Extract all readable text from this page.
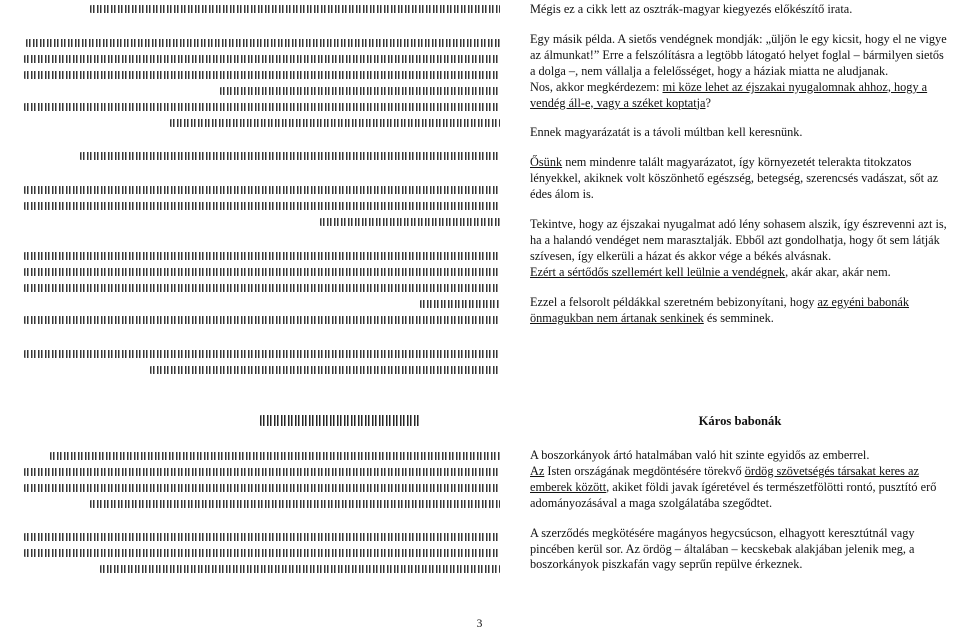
Mégis ez a cikk lett az osztrák-magyar kiegyezés előkészítő irata.

Egy másik példa. A sietős vendégnek mondják: „üljön le egy kicsit, hogy el ne vigye az álmunkat!” Erre a felszólításra a legtöbb látogató helyet foglal – bármilyen sietős a dolga –, nem vállalja a felelősséget, hogy a háziak miatta ne aludjanak.

Nos, akkor megkérdezem: mi köze lehet az éjszakai nyugalomnak ahhoz, hogy a vendég áll-e, vagy a széket koptatja?

Ennek magyarázatát is a távoli múltban kell keresnünk.

Ősünk nem mindenre talált magyarázatot, így környezetét telerakta titokzatos lényekkel, akiknek volt köszönhető egészség, betegség, szerencsés vadászat, sőt az édes álom is.

Tekintve, hogy az éjszakai nyugalmat adó lény sohasem alszik, így észrevenni azt is, ha a halandó vendéget nem marasztalják. Ebből azt gondolhatja, hogy őt sem látják szívesen, így elkerüli a házat és akkor vége a békés alvásnak.

Ezért a sértődős szellemért kell leülnie a vendégnek, akár akar, akár nem.

Ezzel a felsorolt példákkal szeretném bebizonyítani, hogy az egyéni babonák önmagukban nem ártanak senkinek és semminek.

Káros babonák

A boszorkányok ártó hatalmában való hit szinte egyidős az emberrel.

Az Isten országának megdöntésére törekvő ördög szövetségés társakat keres az emberek között, akiket földi javak ígéretével és természetfölötti rontó, pusztító erő adományozásával a maga szolgálatába szegődtet.

A szerződés megkötésére magányos hegycsúcson, elhagyott keresztútnál vagy pincében kerül sor. Az ördög – általában – kecskebak alakjában jelenik meg, a boszorkányok piszkafán vagy seprűn repülve érkeznek.

3
